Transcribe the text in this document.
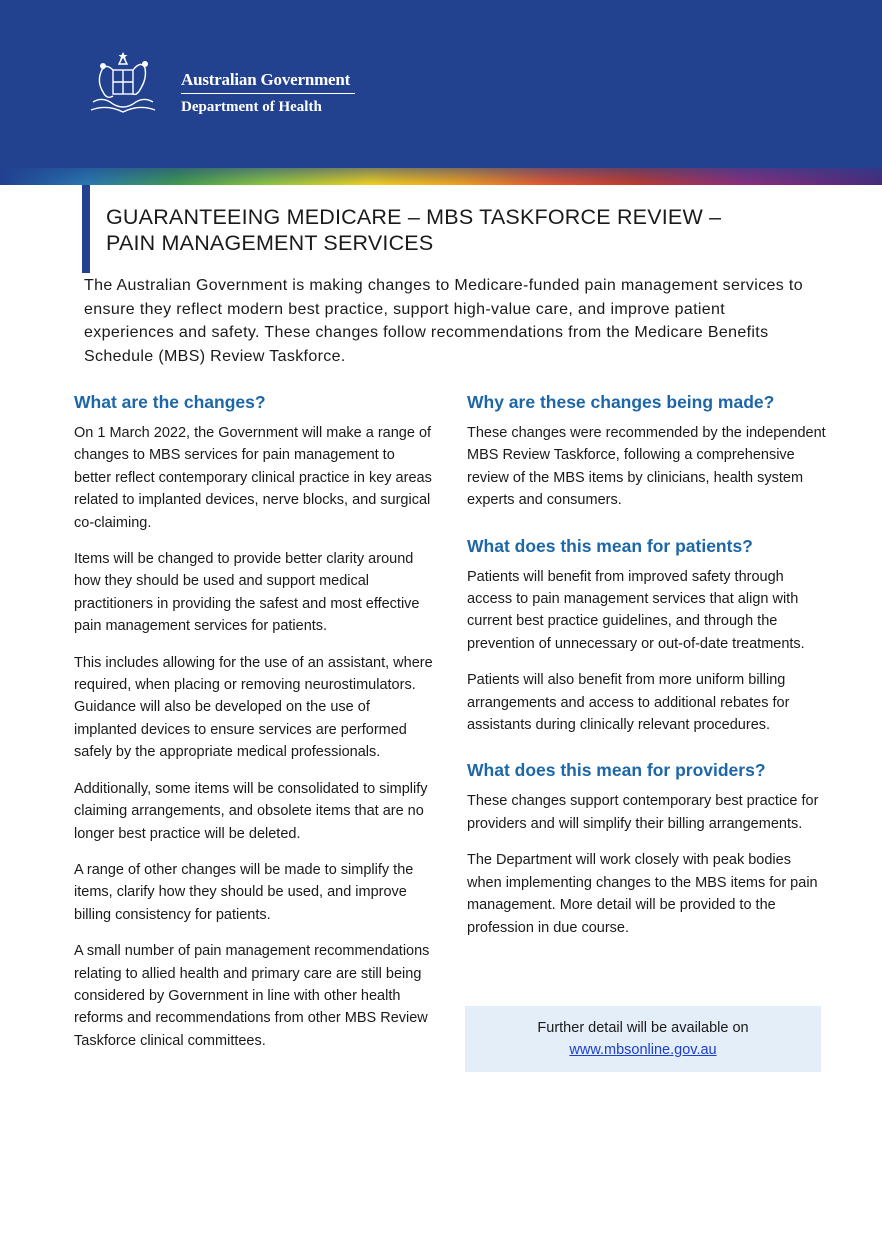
Australian Government
Department of Health
GUARANTEEING MEDICARE – MBS TASKFORCE REVIEW –
PAIN MANAGEMENT SERVICES
The Australian Government is making changes to Medicare-funded pain management services to ensure they reflect modern best practice, support high-value care, and improve patient experiences and safety. These changes follow recommendations from the Medicare Benefits Schedule (MBS) Review Taskforce.
What are the changes?

On 1 March 2022, the Government will make a range of changes to MBS services for pain management to better reflect contemporary clinical practice in key areas related to implanted devices, nerve blocks, and surgical co-claiming.

Items will be changed to provide better clarity around how they should be used and support medical practitioners in providing the safest and most effective pain management services for patients.

This includes allowing for the use of an assistant, where required, when placing or removing neurostimulators. Guidance will also be developed on the use of implanted devices to ensure services are performed safely by the appropriate medical professionals.

Additionally, some items will be consolidated to simplify claiming arrangements, and obsolete items that are no longer best practice will be deleted.

A range of other changes will be made to simplify the items, clarify how they should be used, and improve billing consistency for patients.

A small number of pain management recommendations relating to allied health and primary care are still being considered by Government in line with other health reforms and recommendations from other MBS Review Taskforce clinical committees.

Why are these changes being made?

These changes were recommended by the independent MBS Review Taskforce, following a comprehensive review of the MBS items by clinicians, health system experts and consumers.

What does this mean for patients?

Patients will benefit from improved safety through access to pain management services that align with current best practice guidelines, and through the prevention of unnecessary or out-of-date treatments.

Patients will also benefit from more uniform billing arrangements and access to additional rebates for assistants during clinically relevant procedures.

What does this mean for providers?

These changes support contemporary best practice for providers and will simplify their billing arrangements.

The Department will work closely with peak bodies when implementing changes to the MBS items for pain management. More detail will be provided to the profession in due course.

Further detail will be available on
www.mbsonline.gov.au
